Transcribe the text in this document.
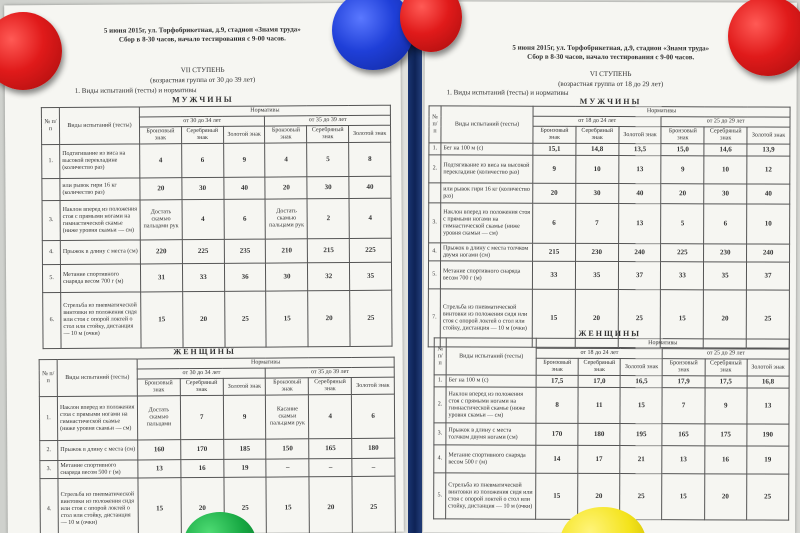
5 июня 2015г, ул. Торфобрикетная, д.9, стадион «Знамя труда»
Сбор в 8-30 часов, начало тестирования с 9-00 часов.
VII СТУПЕНЬ
(возрастная группа от 30 до 39 лет)
1. Виды испытаний (тесты) и нормативы
МУЖЧИНЫ
№ п/п	Виды испытаний (тесты)	Нормативы					
		от 30 до 34 лет			от 35 до 39 лет		
		Бронзовый знак	Серебряный знак	Золотой знак	Бронзовый знак	Серебряный знак	Золотой знак
1.	Подтягивание из виса на высокой перекладине (количество раз)	4	6	9	4	5	8
	или рывок гири 16 кг (количество раз)	20	30	40	20	30	40
3.	Наклон вперед из положения стоя с прямыми ногами на гимнастической скамье (ниже уровня скамьи — см)	Достать скамью пальцами рук	4	6	Достать скамью пальцами рук	2	4
4.	Прыжок в длину с места (см)	220	225	235	210	215	225
5.	Метание спортивного снаряда весом 700 г (м)	31	33	36	30	32	35
6.	Стрельба из пневматической винтовки из положения сидя или стоя с опорой локтей о стол или стойку, дистанция — 10 м (очки)	15	20	25	15	20	25
ЖЕНЩИНЫ
№ п/п	Виды испытаний (тесты)	Нормативы					
		от 30 до 34 лет			от 35 до 39 лет		
		Бронзовый знак	Серебряный знак	Золотой знак	Бронзовый знак	Серебряный знак	Золотой знак
1.	Наклон вперед из положения стоя с прямыми ногами на гимнастической скамье (ниже уровня скамьи — см)	Достать скамью пальцами	7	9	Касание скамьи пальцами рук	4	6
2.	Прыжок в длину с места (см)	160	170	185	150	165	180
3.	Метание спортивного снаряда весом 500 г (м)	13	16	19	–	–	–
4.	Стрельба из пневматической винтовки из положения сидя или стоя с опорой локтей о стол или стойку, дистанция — 10 м (очки)	15	20	25	15	20	25
5 июня 2015г, ул. Торфобрикетная, д.9, стадион «Знамя труда»
Сбор в 8-30 часов, начало тестирования с 9-00 часов.
VI СТУПЕНЬ
(возрастная группа от 18 до 29 лет)
1. Виды испытаний (тесты) и нормативы
МУЖЧИНЫ
№ п/п	Виды испытаний (тесты)	Нормативы					
		от 18 до 24 лет			от 25 до 29 лет		
		Бронзовый знак	Серебряный знак	Золотой знак	Бронзовый знак	Серебряный знак	Золотой знак
1.	Бег на 100 м (с)	15,1	14,8	13,5	15,0	14,6	13,9
2.	Подтягивание из виса на высокой перекладине (количество раз)	9	10	13	9	10	12
	или рывок гири 16 кг (количество раз)	20	30	40	20	30	40
3.	Наклон вперед из положения стоя с прямыми ногами на гимнастической скамье (ниже уровня скамьи — см)	6	7	13	5	6	10
4.	Прыжок в длину с места толчком двумя ногами (см)	215	230	240	225	230	240
5.	Метание спортивного снаряда весом 700 г (м)	33	35	37	33	35	37
7.	Стрельба из пневматической винтовки из положения сидя или стоя с опорой локтей о стол или стойку, дистанция — 10 м (очки)	15	20	25	15	20	25
ЖЕНЩИНЫ
№ п/п	Виды испытаний (тесты)	Нормативы					
		от 18 до 24 лет			от 25 до 29 лет		
		Бронзовый знак	Серебряный знак	Золотой знак	Бронзовый знак	Серебряный знак	Золотой знак
1.	Бег на 100 м (с)	17,5	17,0	16,5	17,9	17,5	16,8
2.	Наклон вперед из положения стоя с прямыми ногами на гимнастической скамье (ниже уровня скамьи — см)	8	11	15	7	9	13
3.	Прыжок в длину с места толчком двумя ногами (см)	170	180	195	165	175	190
4.	Метание спортивного снаряда весом 500 г (м)	14	17	21	13	16	19
5.	Стрельба из пневматической винтовки из положения сидя или стоя с опорой локтей о стол или стойку, дистанция — 10 м (очки)	15	20	25	15	20	25
